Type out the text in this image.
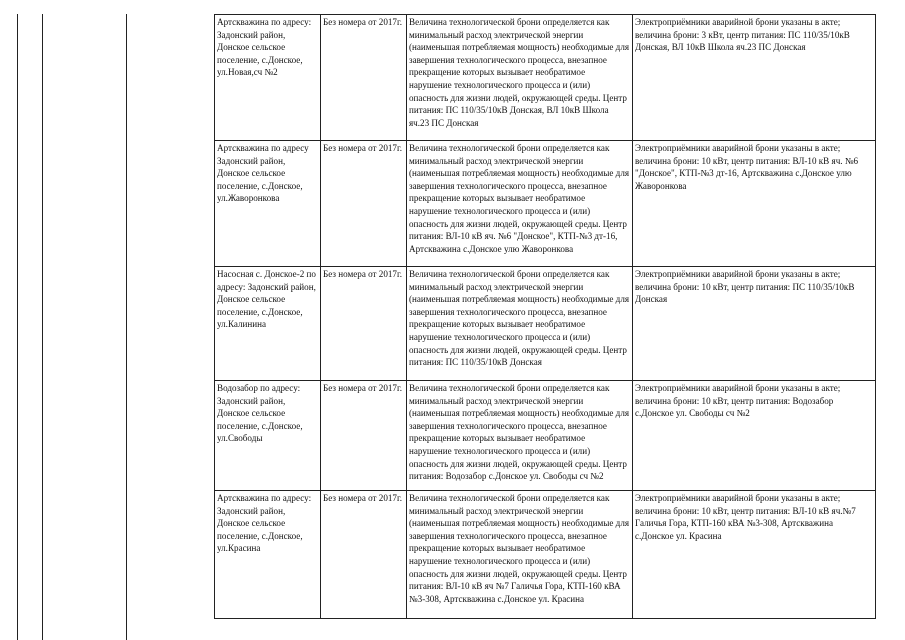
Артскважина по адресу: Задонский район, Донское сельское поселение, с.Донское, ул.Новая,сч №2	Без номера от 2017г.	Величина технологической брони определяется как минимальный расход электрической энергии (наименьшая потребляемая мощность) необходимые для завершения технологического процесса, внезапное прекращение которых вызывает необратимое нарушение технологического процесса и (или) опасность для жизни людей, окружающей среды. Центр питания: ПС 110/35/10кВ Донская, ВЛ 10кВ Школа яч.23 ПС Донская	Электроприёмники аварийной брони указаны в акте; величина брони: 3 кВт, центр питания: ПС 110/35/10кВ Донская, ВЛ 10кВ Школа яч.23 ПС Донская
Артскважина по адресу Задонский район, Донское сельское поселение, с.Донское, ул.Жаворонкова	Без номера от 2017г.	Величина технологической брони определяется как минимальный расход электрической энергии (наименьшая потребляемая мощность) необходимые для завершения технологического процесса, внезапное прекращение которых вызывает необратимое нарушение технологического процесса и (или) опасность для жизни людей, окружающей среды. Центр питания: ВЛ-10 кВ яч. №6 "Донское", КТП-№3 дт-16, Артскважина с.Донское улю Жаворонкова	Электроприёмники аварийной брони указаны в акте; величина брони: 10 кВт, центр питания: ВЛ-10 кВ яч. №6 "Донское", КТП-№3 дт-16, Артскважина с.Донское улю Жаворонкова
Насосная с. Донское-2 по адресу: Задонский район, Донское сельское поселение, с.Донское, ул.Калинина	Без номера от 2017г.	Величина технологической брони определяется как минимальный расход электрической энергии (наименьшая потребляемая мощность) необходимые для завершения технологического процесса, внезапное прекращение которых вызывает необратимое нарушение технологического процесса и (или) опасность для жизни людей, окружающей среды. Центр питания: ПС 110/35/10кВ Донская	Электроприёмники аварийной брони указаны в акте; величина брони: 10 кВт, центр питания: ПС 110/35/10кВ Донская
Водозабор по адресу: Задонский район, Донское сельское поселение, с.Донское, ул.Свободы	Без номера от 2017г.	Величина технологической брони определяется как минимальный расход электрической энергии (наименьшая потребляемая мощность) необходимые для завершения технологического процесса, внезапное прекращение которых вызывает необратимое нарушение технологического процесса и (или) опасность для жизни людей, окружающей среды. Центр питания: Водозабор с.Донское ул. Свободы сч №2	Электроприёмники аварийной брони указаны в акте; величина брони: 10 кВт, центр питания: Водозабор с.Донское ул. Свободы сч №2
Артскважина по адресу: Задонский район, Донское сельское поселение, с.Донское, ул.Красина	Без номера от 2017г.	Величина технологической брони определяется как минимальный расход электрической энергии (наименьшая потребляемая мощность) необходимые для завершения технологического процесса, внезапное прекращение которых вызывает необратимое нарушение технологического процесса и (или) опасность для жизни людей, окружающей среды. Центр питания: ВЛ-10 кВ яч №7 Галичья Гора, КТП-160 кВА №3-308, Артскважина с.Донское ул. Красина	Электроприёмники аварийной брони указаны в акте; величина брони: 10 кВт, центр питания: ВЛ-10 кВ яч.№7 Галичья Гора, КТП-160 кВА №3-308, Артскважина с.Донское ул. Красина
